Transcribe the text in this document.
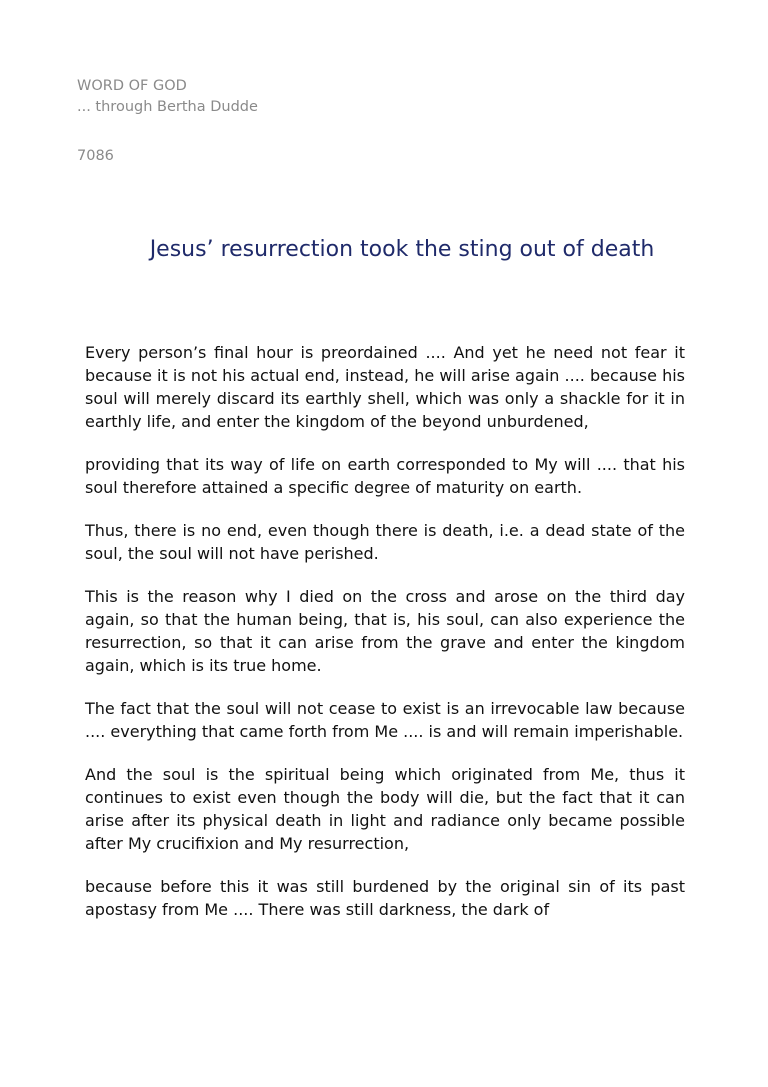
WORD OF GOD
... through Bertha Dudde
7086
Jesus’ resurrection took the sting out of death

Every person’s final hour is preordained .... And yet he need not fear it because it is not his actual end, instead, he will arise again .... because his soul will merely discard its earthly shell, which was only a shackle for it in earthly life, and enter the kingdom of the beyond unburdened,

providing that its way of life on earth corresponded to My will .... that his soul therefore attained a specific degree of maturity on earth.

Thus, there is no end, even though there is death, i.e. a dead state of the soul, the soul will not have perished.

This is the reason why I died on the cross and arose on the third day again, so that the human being, that is, his soul, can also experience the resurrection, so that it can arise from the grave and enter the kingdom again, which is its true home.

The fact that the soul will not cease to exist is an irrevocable law because .... everything that came forth from Me .... is and will remain imperishable.

And the soul is the spiritual being which originated from Me, thus it continues to exist even though the body will die, but the fact that it can arise after its physical death in light and radiance only became possible after My crucifixion and My resurrection,

because before this it was still burdened by the original sin of its past apostasy from Me .... There was still darkness, the dark of
